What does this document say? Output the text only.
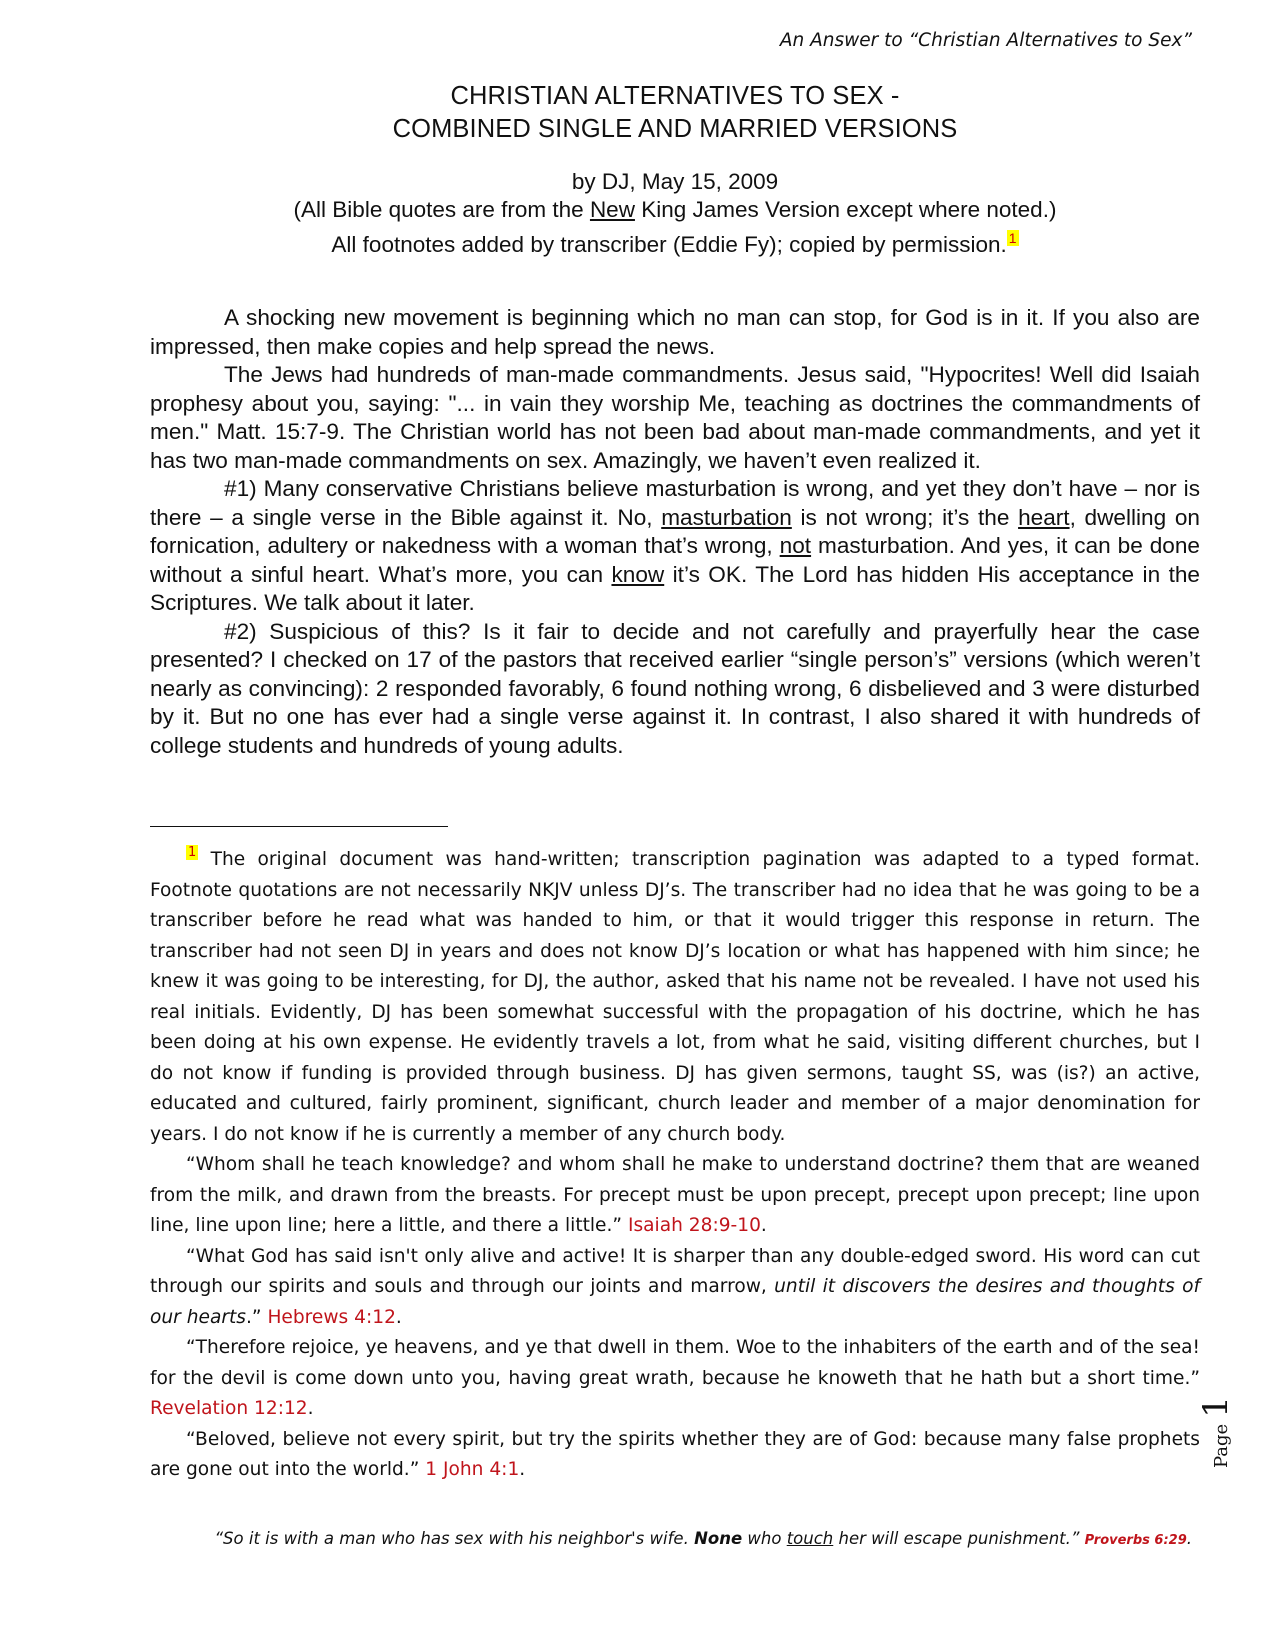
An Answer to “Christian Alternatives to Sex”
CHRISTIAN ALTERNATIVES TO SEX -
COMBINED SINGLE AND MARRIED VERSIONS
by DJ, May 15, 2009
(All Bible quotes are from the New King James Version except where noted.)
All footnotes added by transcriber (Eddie Fy); copied by permission. $^1$

A shocking new movement is beginning which no man can stop, for God is in it. If you also are impressed, then make copies and help spread the news.

The Jews had hundreds of man-made commandments. Jesus said, "Hypocrites! Well did Isaiah prophesy about you, saying: "... in vain they worship Me, teaching as doctrines the commandments of men." Matt. 15:7-9. The Christian world has not been bad about man-made commandments, and yet it has two man-made commandments on sex. Amazingly, we haven’t even realized it.

#1) Many conservative Christians believe masturbation is wrong, and yet they don’t have – nor is there – a single verse in the Bible against it. No, masturbation is not wrong; it’s the heart, dwelling on fornication, adultery or nakedness with a woman that’s wrong, not masturbation. And yes, it can be done without a sinful heart. What’s more, you can know it’s OK. The Lord has hidden His acceptance in the Scriptures. We talk about it later.

#2) Suspicious of this? Is it fair to decide and not carefully and prayerfully hear the case presented? I checked on 17 of the pastors that received earlier “single person’s” versions (which weren’t nearly as convincing): 2 responded favorably, 6 found nothing wrong, 6 disbelieved and 3 were disturbed by it. But no one has ever had a single verse against it. In contrast, I also shared it with hundreds of college students and hundreds of young adults.

$^1$ The original document was hand-written; transcription pagination was adapted to a typed format. Footnote quotations are not necessarily NKJV unless DJ’s. The transcriber had no idea that he was going to be a transcriber before he read what was handed to him, or that it would trigger this response in return. The transcriber had not seen DJ in years and does not know DJ’s location or what has happened with him since; he knew it was going to be interesting, for DJ, the author, asked that his name not be revealed. I have not used his real initials. Evidently, DJ has been somewhat successful with the propagation of his doctrine, which he has been doing at his own expense. He evidently travels a lot, from what he said, visiting different churches, but I do not know if funding is provided through business. DJ has given sermons, taught SS, was (is?) an active, educated and cultured, fairly prominent, significant, church leader and member of a major denomination for years. I do not know if he is currently a member of any church body.

“Whom shall he teach knowledge? and whom shall he make to understand doctrine? them that are weaned from the milk, and drawn from the breasts. For precept must be upon precept, precept upon precept; line upon line, line upon line; here a little, and there a little.” Isaiah 28:9-10.

“What God has said isn't only alive and active! It is sharper than any double-edged sword. His word can cut through our spirits and souls and through our joints and marrow, until it discovers the desires and thoughts of our hearts.” Hebrews 4:12.

“Therefore rejoice, ye heavens, and ye that dwell in them. Woe to the inhabiters of the earth and of the sea! for the devil is come down unto you, having great wrath, because he knoweth that he hath but a short time.” Revelation 12:12.

“Beloved, believe not every spirit, but try the spirits whether they are of God: because many false prophets are gone out into the world.” 1 John 4:1.

“So it is with a man who has sex with his neighbor's wife. None who touch her will escape punishment.” Proverbs 6:29.
Page
1
